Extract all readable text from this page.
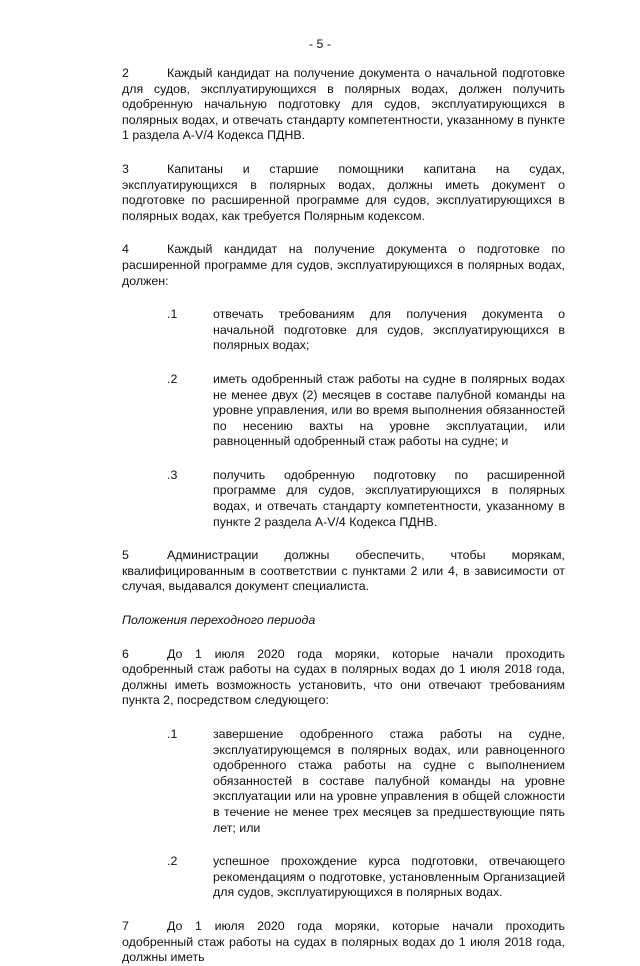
- 5 -

2	Каждый кандидат на получение документа о начальной подготовке для судов, эксплуатирующихся в полярных водах, должен получить одобренную начальную подготовку для судов, эксплуатирующихся в полярных водах, и отвечать стандарту компетентности, указанному в пункте 1 раздела A-V/4 Кодекса ПДНВ.

3	Капитаны и старшие помощники капитана на судах, эксплуатирующихся в полярных водах, должны иметь документ о подготовке по расширенной программе для судов, эксплуатирующихся в полярных водах, как требуется Полярным кодексом.

4	Каждый кандидат на получение документа о подготовке по расширенной программе для судов, эксплуатирующихся в полярных водах, должен:

.1	отвечать требованиям для получения документа о начальной подготовке для судов, эксплуатирующихся в полярных водах;
.2	иметь одобренный стаж работы на судне в полярных водах не менее двух (2) месяцев в составе палубной команды на уровне управления, или во время выполнения обязанностей по несению вахты на уровне эксплуатации, или равноценный одобренный стаж работы на судне; и
.3	получить одобренную подготовку по расширенной программе для судов, эксплуатирующихся в полярных водах, и отвечать стандарту компетентности, указанному в пункте 2 раздела A-V/4 Кодекса ПДНВ.

5	Администрации должны обеспечить, чтобы морякам, квалифицированным в соответствии с пунктами 2 или 4, в зависимости от случая, выдавался документ специалиста.

Положения переходного периода

6	До 1 июля 2020 года моряки, которые начали проходить одобренный стаж работы на судах в полярных водах до 1 июля 2018 года, должны иметь возможность установить, что они отвечают требованиям пункта 2, посредством следующего:

.1	завершение одобренного стажа работы на судне, эксплуатирующемся в полярных водах, или равноценного одобренного стажа работы на судне с выполнением обязанностей в составе палубной команды на уровне эксплуатации или на уровне управления в общей сложности в течение не менее трех месяцев за предшествующие пять лет; или
.2	успешное прохождение курса подготовки, отвечающего рекомендациям о подготовке, установленным Организацией для судов, эксплуатирующихся в полярных водах.

7	До 1 июля 2020 года моряки, которые начали проходить одобренный стаж работы на судах в полярных водах до 1 июля 2018 года, должны иметь
